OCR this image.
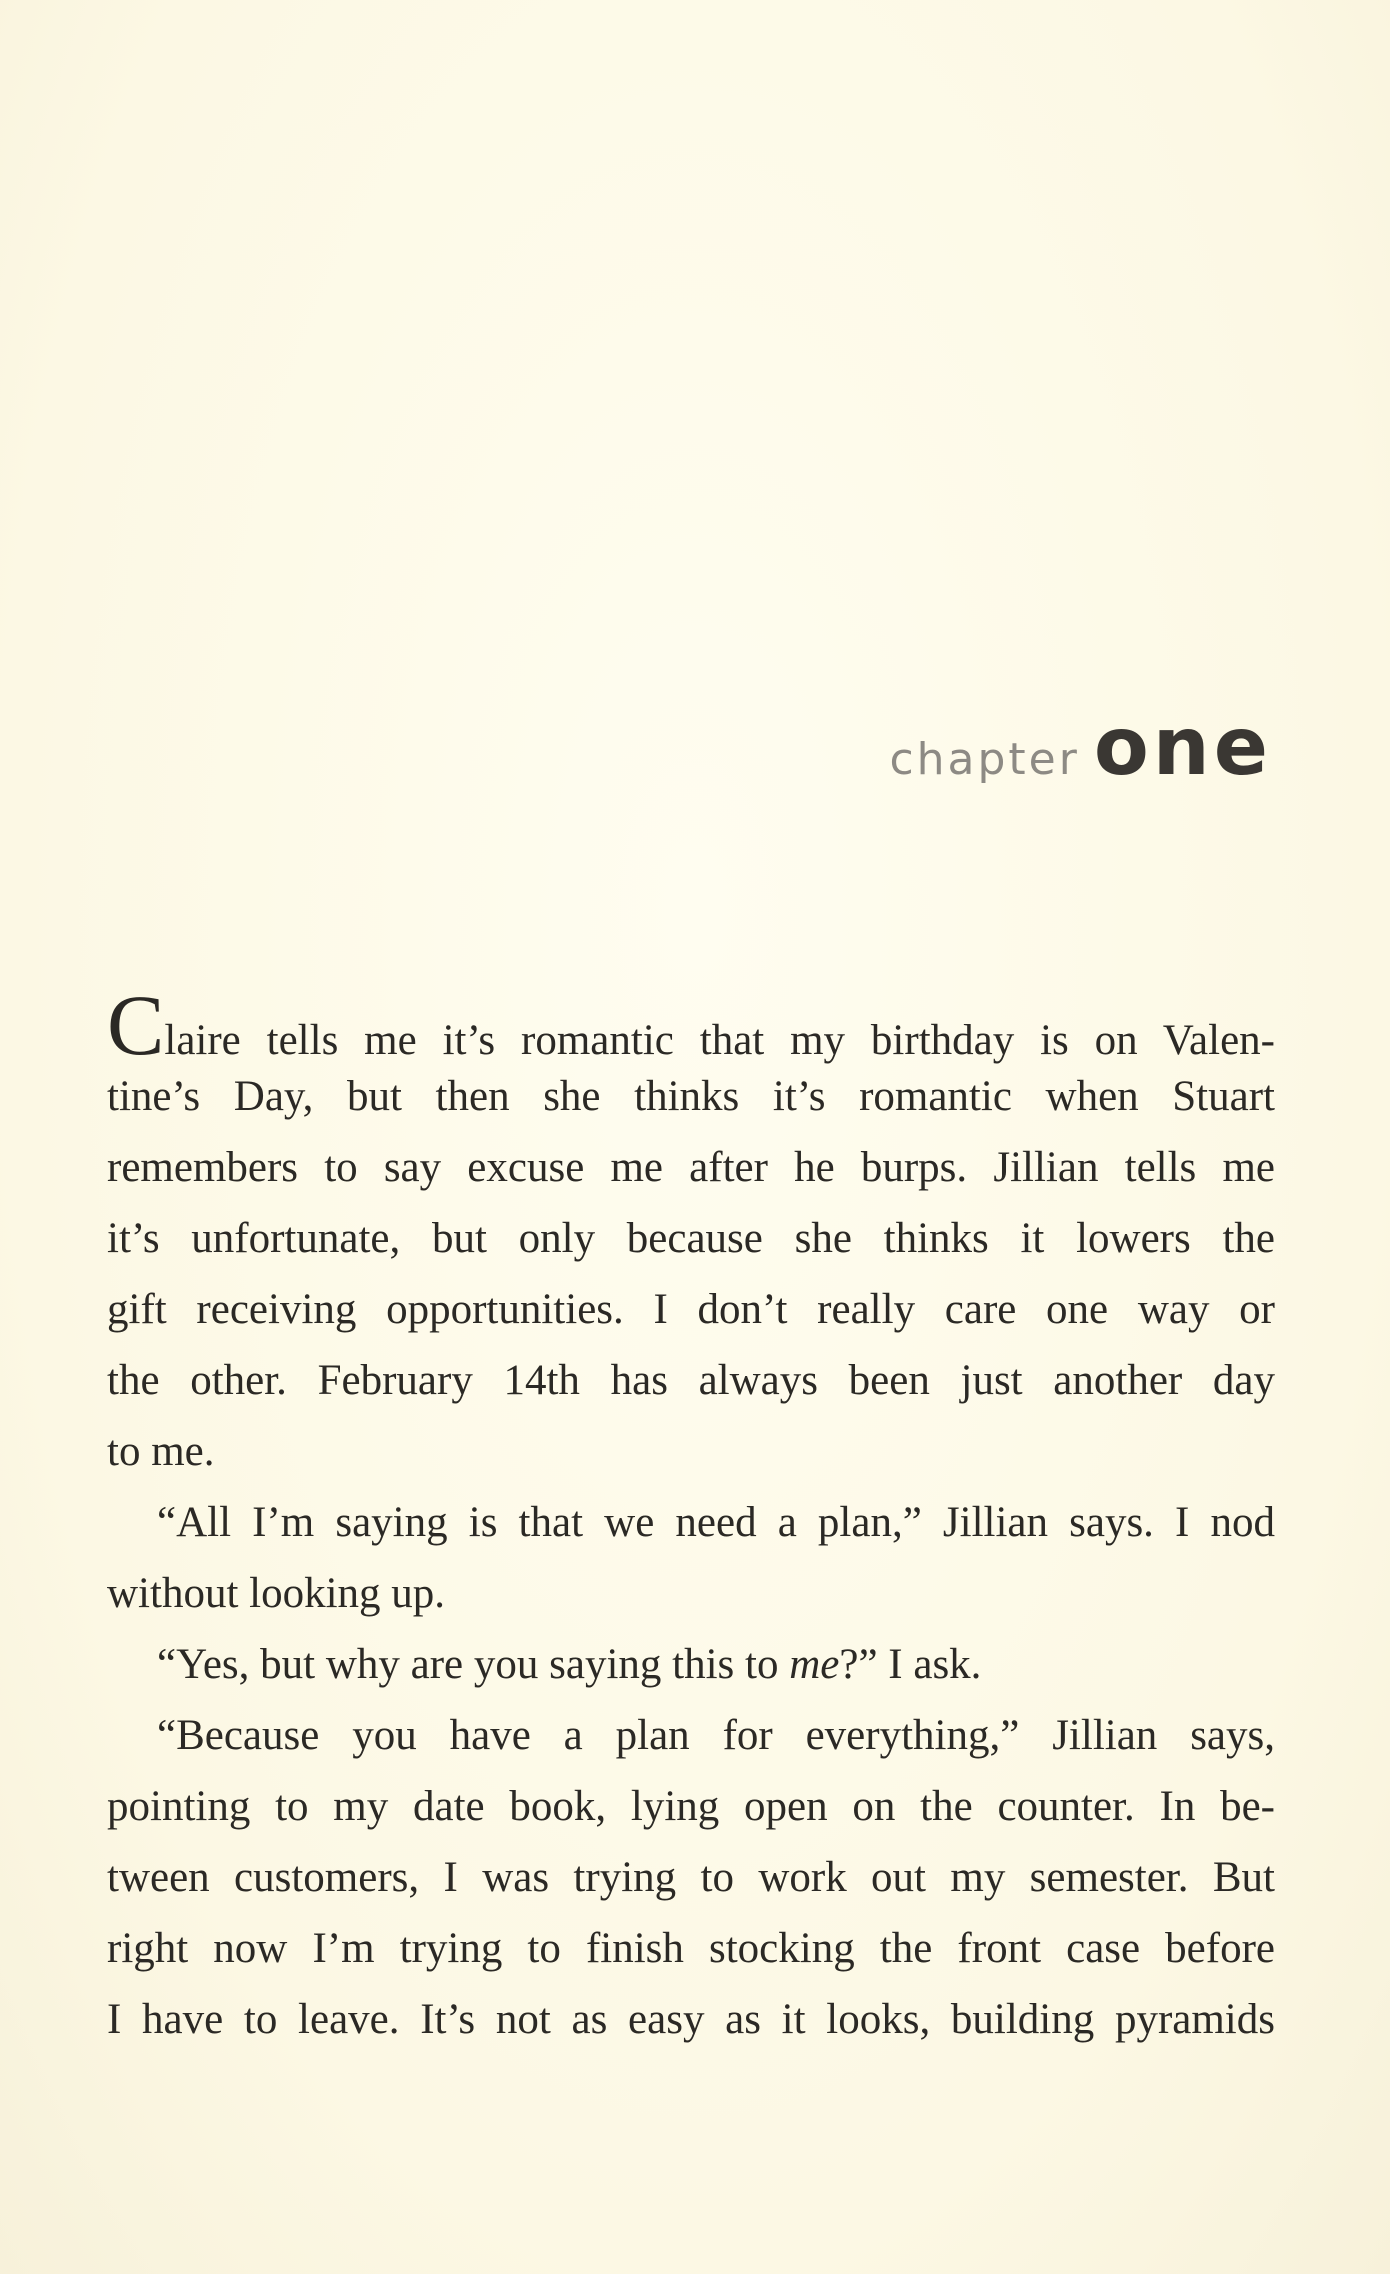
chapter one
Claire tells me it’s romantic that my birthday is on Valen-
tine’s Day, but then she thinks it’s romantic when Stuart
remembers to say excuse me after he burps. Jillian tells me
it’s unfortunate, but only because she thinks it lowers the
gift receiving opportunities. I don’t really care one way or
the other. February 14th has always been just another day
to me.
“All I’m saying is that we need a plan,” Jillian says. I nod
without looking up.
“Yes, but why are you saying this to me?” I ask.
“Because you have a plan for everything,” Jillian says,
pointing to my date book, lying open on the counter. In be-
tween customers, I was trying to work out my semester. But
right now I’m trying to finish stocking the front case before
I have to leave. It’s not as easy as it looks, building pyramids
